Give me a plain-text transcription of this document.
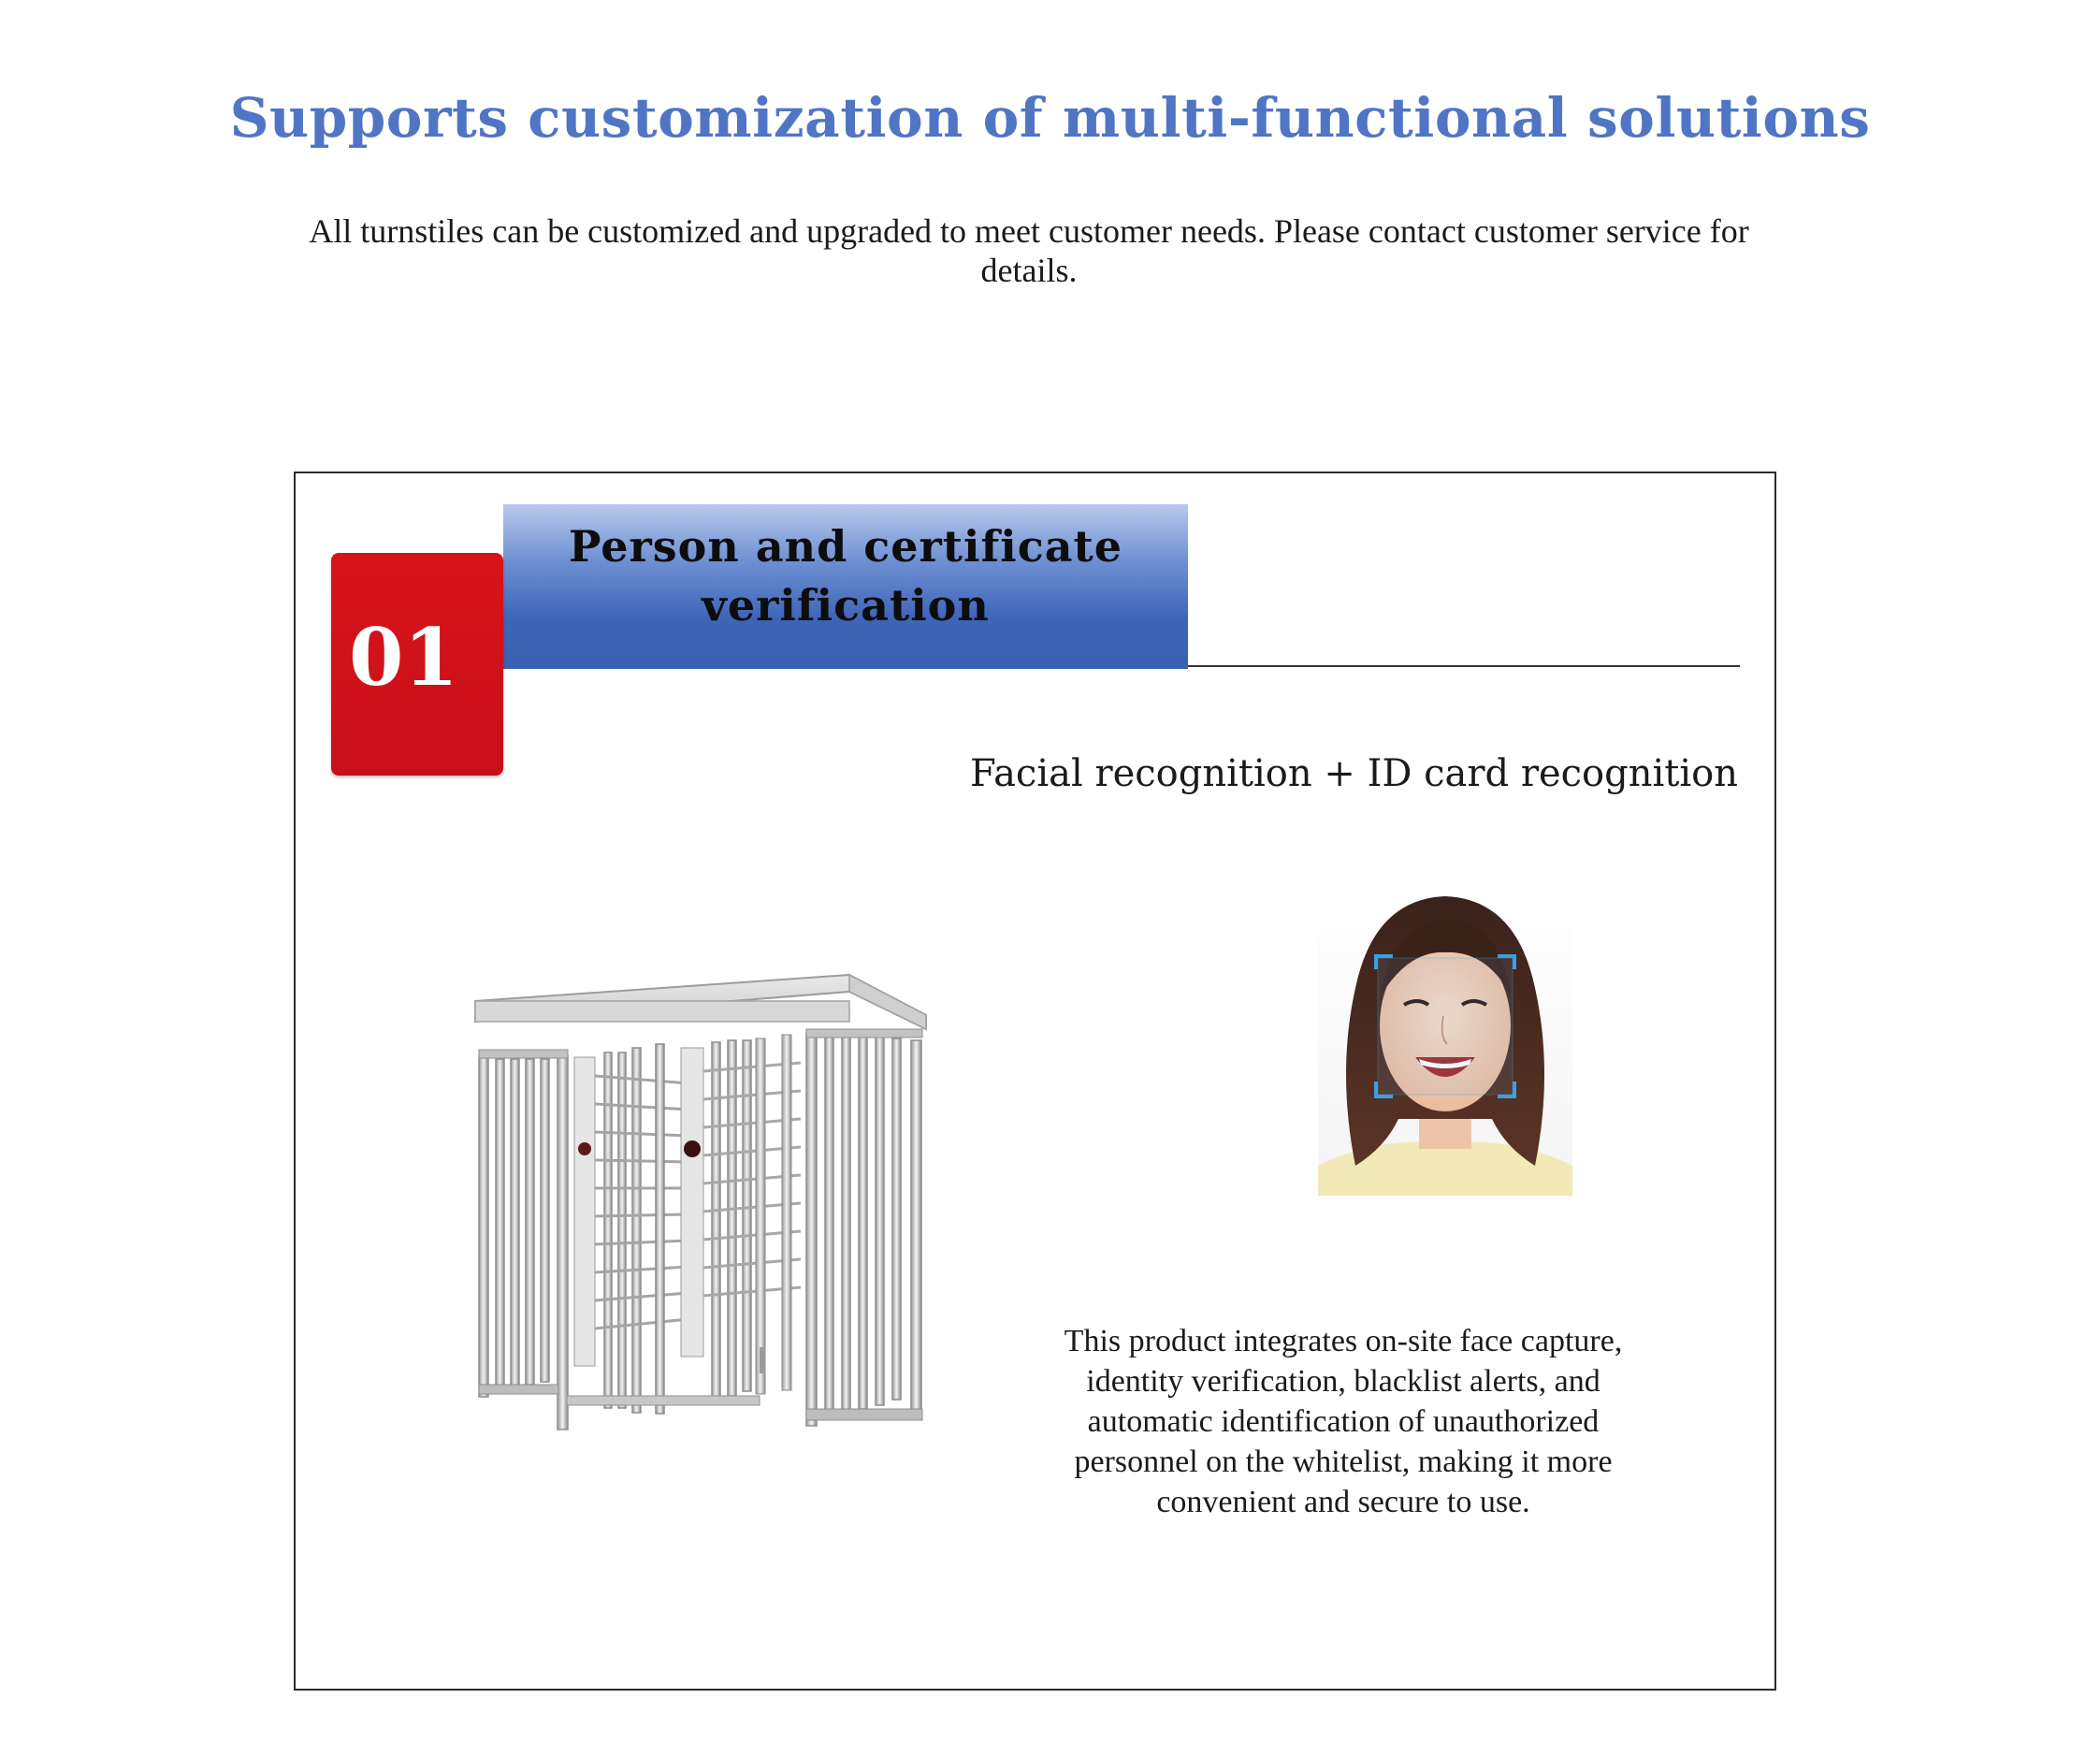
Supports customization of multi-functional solutions
All turnstiles can be customized and upgraded to meet customer needs. Please contact customer service for details.
Person and certificate verification
01
Facial recognition + ID card recognition
This product integrates on-site face capture, identity verification, blacklist alerts, and automatic identification of unauthorized personnel on the whitelist, making it more convenient and secure to use.
